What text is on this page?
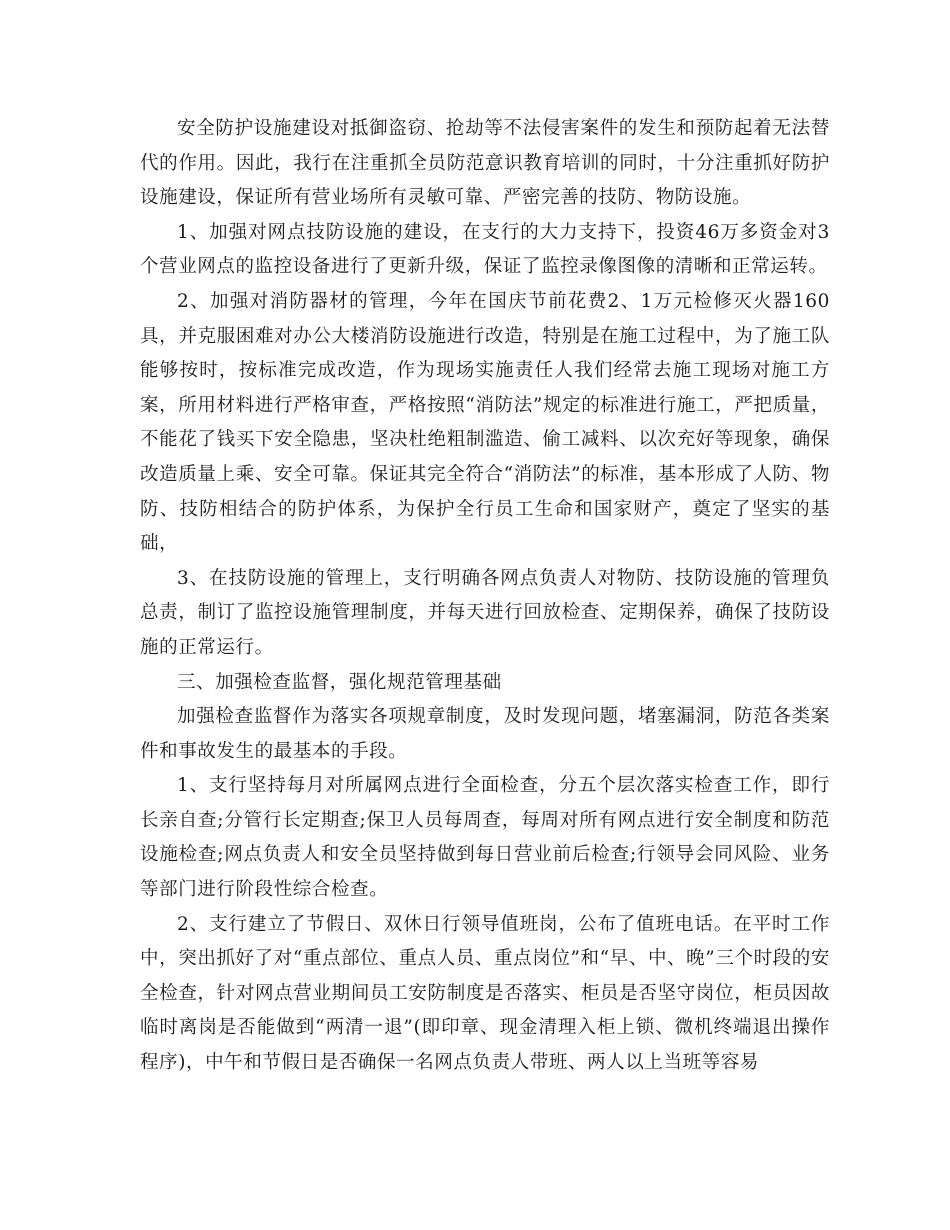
安全防护设施建设对抵御盗窃、抢劫等不法侵害案件的发生和预防起着无法替代的作用。因此，我行在注重抓全员防范意识教育培训的同时，十分注重抓好防护设施建设，保证所有营业场所有灵敏可靠、严密完善的技防、物防设施。

1、加强对网点技防设施的建设，在支行的大力支持下，投资46万多资金对3个营业网点的监控设备进行了更新升级，保证了监控录像图像的清晰和正常运转。

2、加强对消防器材的管理，今年在国庆节前花费2、1万元检修灭火器160具，并克服困难对办公大楼消防设施进行改造，特别是在施工过程中，为了施工队能够按时，按标准完成改造，作为现场实施责任人我们经常去施工现场对施工方案，所用材料进行严格审查，严格按照“消防法”规定的标准进行施工，严把质量，不能花了钱买下安全隐患，坚决杜绝粗制滥造、偷工减料、以次充好等现象，确保改造质量上乘、安全可靠。保证其完全符合“消防法”的标准，基本形成了人防、物防、技防相结合的防护体系，为保护全行员工生命和国家财产，奠定了坚实的基础，

3、在技防设施的管理上，支行明确各网点负责人对物防、技防设施的管理负总责，制订了监控设施管理制度，并每天进行回放检查、定期保养，确保了技防设施的正常运行。

三、加强检查监督，强化规范管理基础

加强检查监督作为落实各项规章制度，及时发现问题，堵塞漏洞，防范各类案件和事故发生的最基本的手段。

1、支行坚持每月对所属网点进行全面检查，分五个层次落实检查工作，即行长亲自查;分管行长定期查;保卫人员每周查，每周对所有网点进行安全制度和防范设施检查;网点负责人和安全员坚持做到每日营业前后检查;行领导会同风险、业务等部门进行阶段性综合检查。

2、支行建立了节假日、双休日行领导值班岗，公布了值班电话。在平时工作中，突出抓好了对“重点部位、重点人员、重点岗位”和“早、中、晚”三个时段的安全检查，针对网点营业期间员工安防制度是否落实、柜员是否坚守岗位，柜员因故临时离岗是否能做到“两清一退”(即印章、现金清理入柜上锁、微机终端退出操作程序)，中午和节假日是否确保一名网点负责人带班、两人以上当班等容易
